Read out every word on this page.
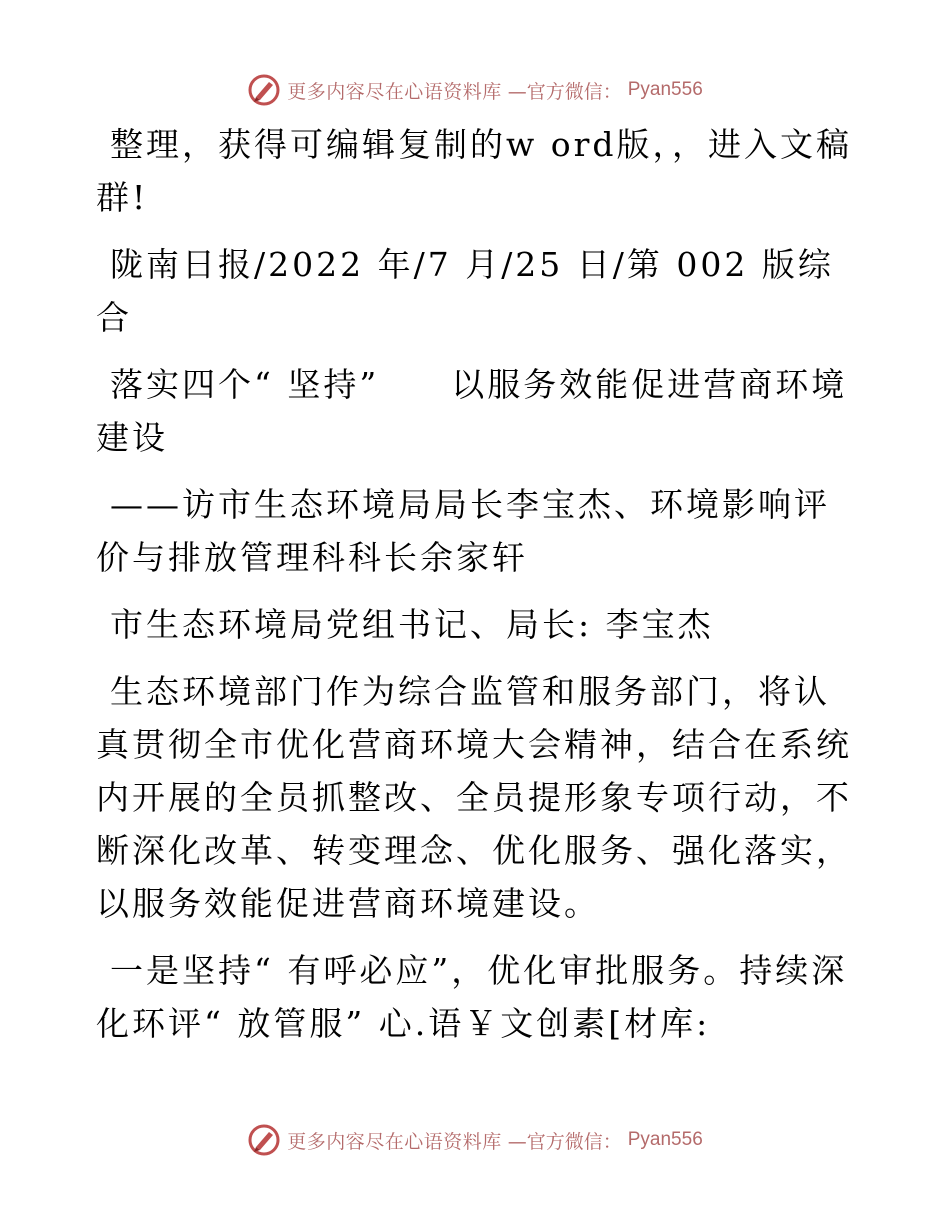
更多内容尽在心语资料库 —官方微信： Pyan556

整理，获得可编辑复制的w ord版，，进入文稿群!

陇南日报/2022 年/7 月/25 日/第 002 版综合

落实四个“ 坚持”　　以服务效能促进营商环境建设

——访市生态环境局局长李宝杰、环境影响评价与排放管理科科长余家轩

市生态环境局党组书记、局长: 李宝杰

生态环境部门作为综合监管和服务部门，将认真贯彻全市优化营商环境大会精神，结合在系统内开展的全员抓整改、全员提形象专项行动，不断深化改革、转变理念、优化服务、强化落实，以服务效能促进营商环境建设。

一是坚持“ 有呼必应”，优化审批服务。持续深化环评“ 放管服” 心.语￥文创素[材库:

更多内容尽在心语资料库 —官方微信： Pyan556
